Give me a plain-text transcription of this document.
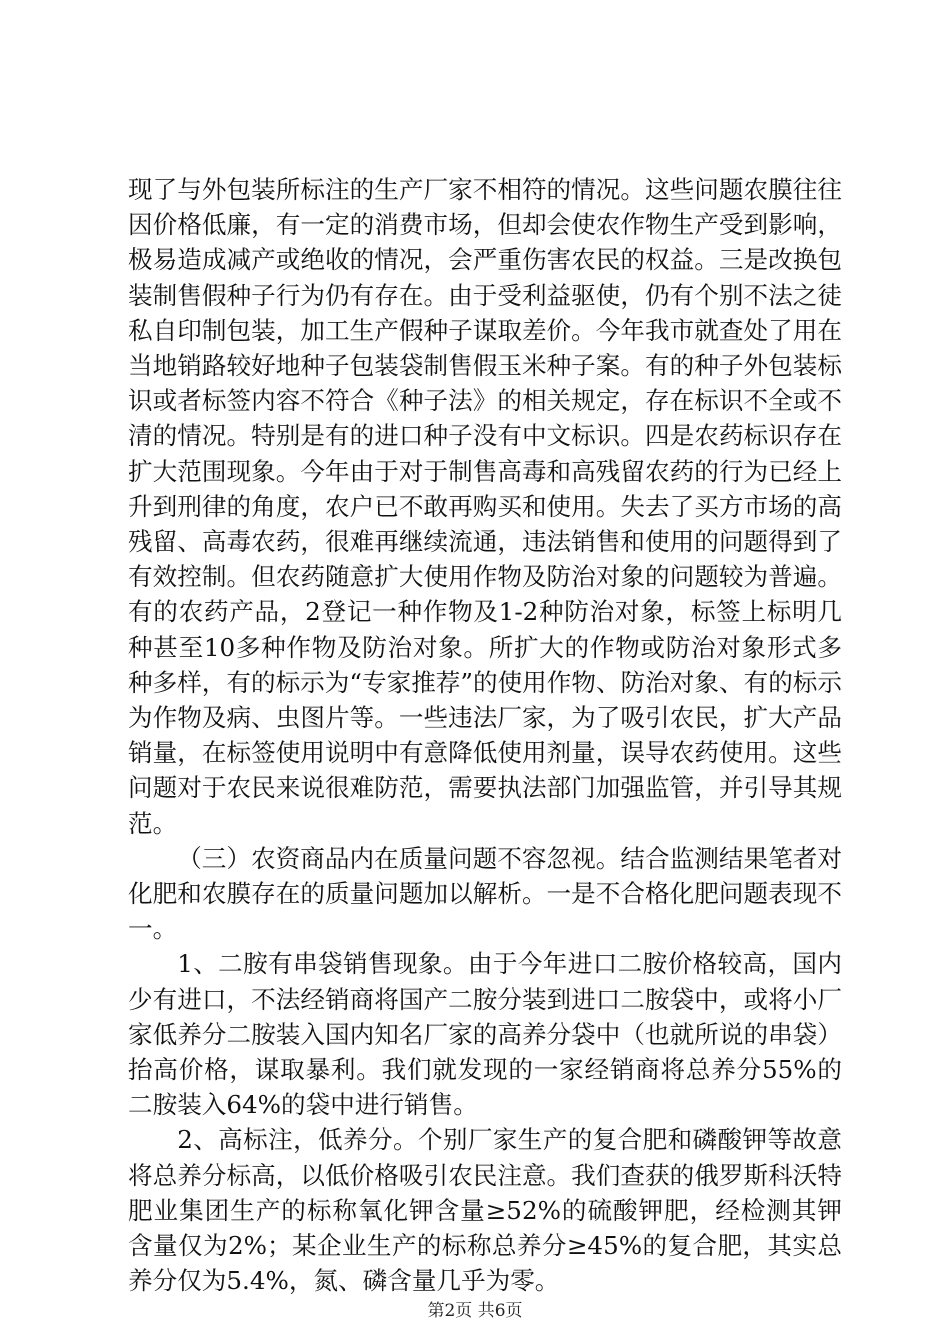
现了与外包装所标注的生产厂家不相符的情况。这些问题农膜往往因价格低廉，有一定的消费市场，但却会使农作物生产受到影响，极易造成减产或绝收的情况，会严重伤害农民的权益。三是改换包装制售假种子行为仍有存在。由于受利益驱使，仍有个别不法之徒私自印制包装，加工生产假种子谋取差价。今年我市就查处了用在当地销路较好地种子包装袋制售假玉米种子案。有的种子外包装标识或者标签内容不符合《种子法》的相关规定，存在标识不全或不清的情况。特别是有的进口种子没有中文标识。四是农药标识存在扩大范围现象。今年由于对于制售高毒和高残留农药的行为已经上升到刑律的角度，农户已不敢再购买和使用。失去了买方市场的高残留、高毒农药，很难再继续流通，违法销售和使用的问题得到了有效控制。但农药随意扩大使用作物及防治对象的问题较为普遍。有的农药产品，2登记一种作物及1-2种防治对象，标签上标明几种甚至10多种作物及防治对象。所扩大的作物或防治对象形式多种多样，有的标示为“专家推荐”的使用作物、防治对象、有的标示为作物及病、虫图片等。一些违法厂家，为了吸引农民，扩大产品销量，在标签使用说明中有意降低使用剂量，误导农药使用。这些问题对于农民来说很难防范，需要执法部门加强监管，并引导其规范。

（三）农资商品内在质量问题不容忽视。结合监测结果笔者对化肥和农膜存在的质量问题加以解析。一是不合格化肥问题表现不一。

1、二胺有串袋销售现象。由于今年进口二胺价格较高，国内少有进口，不法经销商将国产二胺分装到进口二胺袋中，或将小厂家低养分二胺装入国内知名厂家的高养分袋中（也就所说的串袋）抬高价格，谋取暴利。我们就发现的一家经销商将总养分55%的二胺装入64%的袋中进行销售。

2、高标注，低养分。个别厂家生产的复合肥和磷酸钾等故意将总养分标高，以低价格吸引农民注意。我们查获的俄罗斯科沃特肥业集团生产的标称氧化钾含量≥52%的硫酸钾肥，经检测其钾含量仅为2%；某企业生产的标称总养分≥45%的复合肥，其实总养分仅为5.4%，氮、磷含量几乎为零。

第2页 共6页
